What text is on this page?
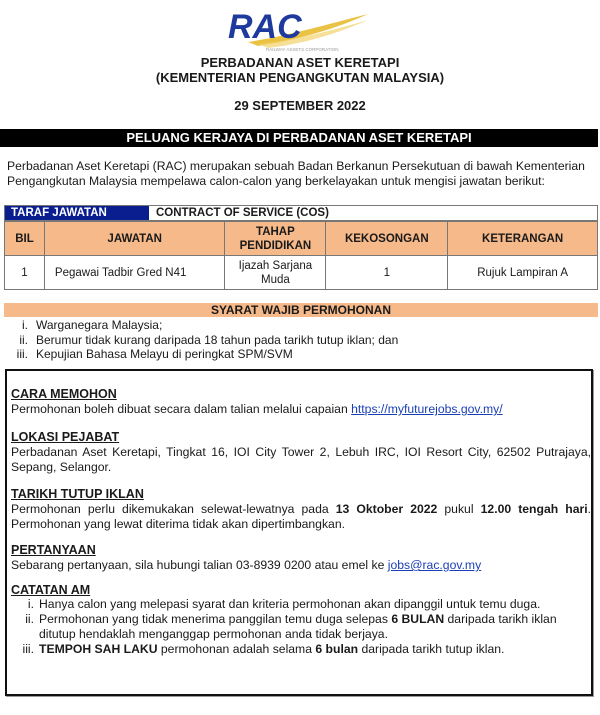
RAC
RAILWAY ASSETS CORPORATION
PERBADANAN ASET KERETAPI
(KEMENTERIAN PENGANGKUTAN MALAYSIA)
29 SEPTEMBER 2022
PELUANG KERJAYA DI PERBADANAN ASET KERETAPI
Perbadanan Aset Keretapi (RAC) merupakan sebuah Badan Berkanun Persekutuan di bawah Kementerian Pengangkutan Malaysia mempelawa calon-calon yang berkelayakan untuk mengisi jawatan berikut:
BIL	JAWATAN	TAHAP PENDIDIKAN	KEKOSONGAN	KETERANGAN
1	Pegawai Tadbir Gred N41	Ijazah Sarjana Muda	1	Rujuk Lampiran A
TARAF JAWATAN	CONTRACT OF SERVICE (COS)
SYARAT WAJIB PERMOHONAN
i. Warganegara Malaysia;
ii. Berumur tidak kurang daripada 18 tahun pada tarikh tutup iklan; dan
iii. Kepujian Bahasa Melayu di peringkat SPM/SVM
CARA MEMOHON
Permohonan boleh dibuat secara dalam talian melalui capaian https://myfuturejobs.gov.my/
LOKASI PEJABAT
Perbadanan Aset Keretapi, Tingkat 16, IOI City Tower 2, Lebuh IRC, IOI Resort City, 62502 Putrajaya, Sepang, Selangor.
TARIKH TUTUP IKLAN
Permohonan perlu dikemukakan selewat-lewatnya pada 13 Oktober 2022 pukul 12.00 tengah hari. Permohonan yang lewat diterima tidak akan dipertimbangkan.
PERTANYAAN
Sebarang pertanyaan, sila hubungi talian 03-8939 0200 atau emel ke jobs@rac.gov.my
CATATAN AM
i. Hanya calon yang melepasi syarat dan kriteria permohonan akan dipanggil untuk temu duga.
ii. Permohonan yang tidak menerima panggilan temu duga selepas 6 BULAN daripada tarikh iklan ditutup hendaklah menganggap permohonan anda tidak berjaya.
iii. TEMPOH SAH LAKU permohonan adalah selama 6 bulan daripada tarikh tutup iklan.
